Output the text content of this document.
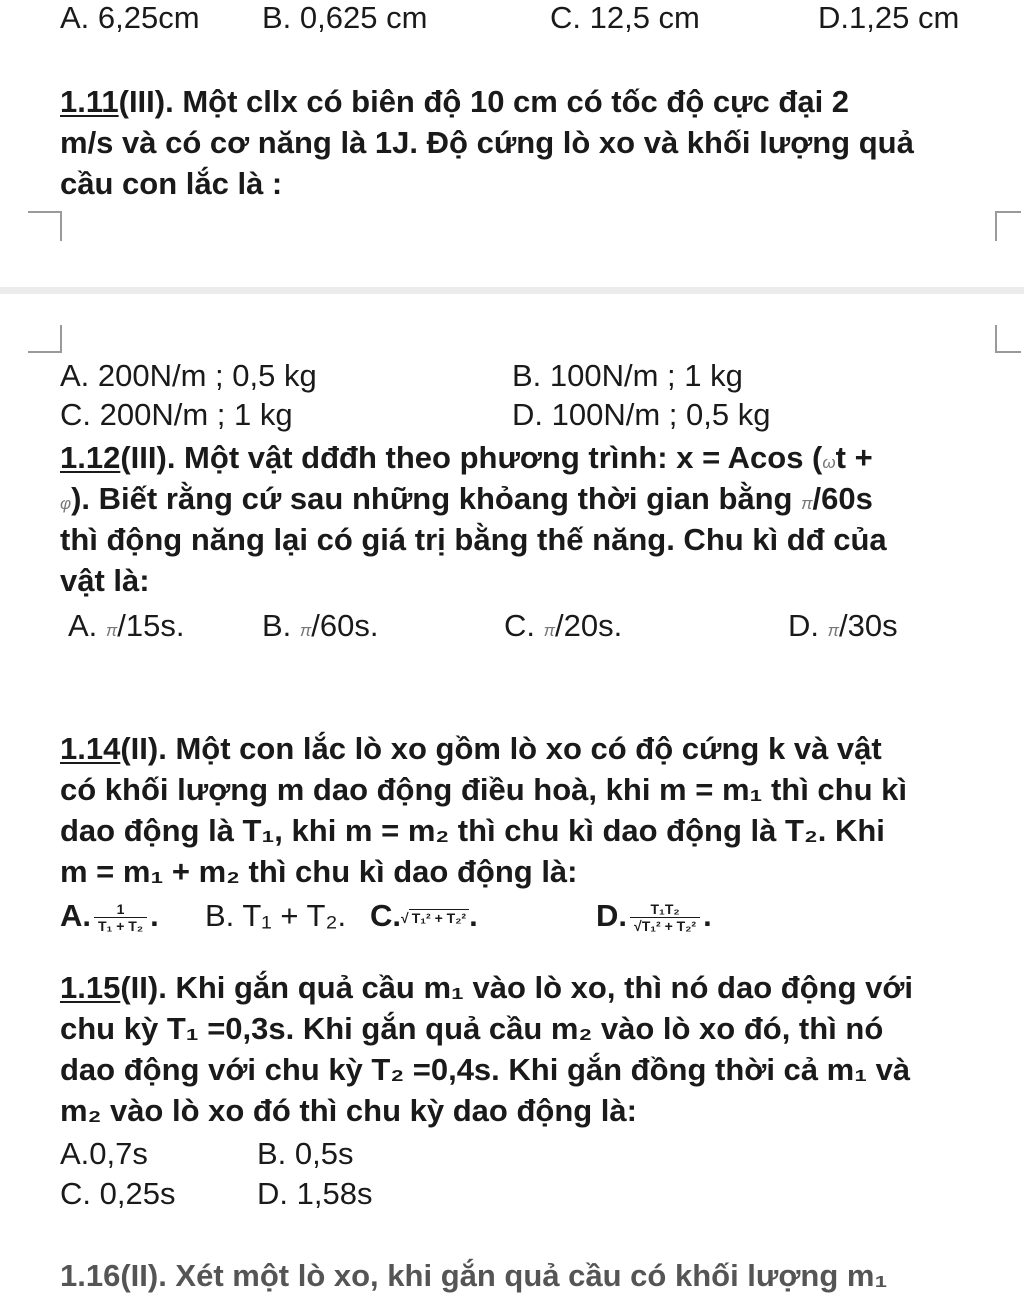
A. 6,25cm B. 0,625 cm	C. 12,5 cm	D.1,25 cm
1.11(III). Một cllx có biên độ 10 cm có tốc độ cực đại 2
m/s và có cơ năng là 1J. Độ cứng lò xo và khối lượng quả
cầu con lắc là :
A. 200N/m ; 0,5 kg	B. 100N/m ; 1 kg
C. 200N/m ; 1 kg	D. 100N/m ; 0,5 kg
1.12(III). Một vật dđđh theo phương trình: x = Acos (ωt +
φ). Biết rằng cứ sau những khỏang thời gian bằng π/60s
thì động năng lại có giá trị bằng thế năng. Chu kì dđ của
vật là:
A. π/15s. B. π/60s.	C. π/20s.	D. π/30s
1.14(II). Một con lắc lò xo gồm lò xo có độ cứng k và vật
có khối lượng m dao động điều hoà, khi m = m₁ thì chu kì
dao động là T₁, khi m = m₂ thì chu kì dao động là T₂. Khi
m = m₁ + m₂ thì chu kì dao động là:
A. $\frac{1}{\text{T₁ + T₂}}$ . B. T₁ + T₂. C.√ T₁² + T₂².	D. $\frac{\text{T₁T₂}}{\text{√T₁² + T₂²}}$ .
1.15(II). Khi gắn quả cầu m₁ vào lò xo, thì nó dao động với
chu kỳ T₁ =0,3s. Khi gắn quả cầu m₂ vào lò xo đó, thì nó
dao động với chu kỳ T₂ =0,4s. Khi gắn đồng thời cả m₁ và
m₂ vào lò xo đó thì chu kỳ dao động là:
A.0,7s	B. 0,5s
C. 0,25s	D. 1,58s
1.16(II). Xét một lò xo, khi gắn quả cầu có khối lượng m₁
